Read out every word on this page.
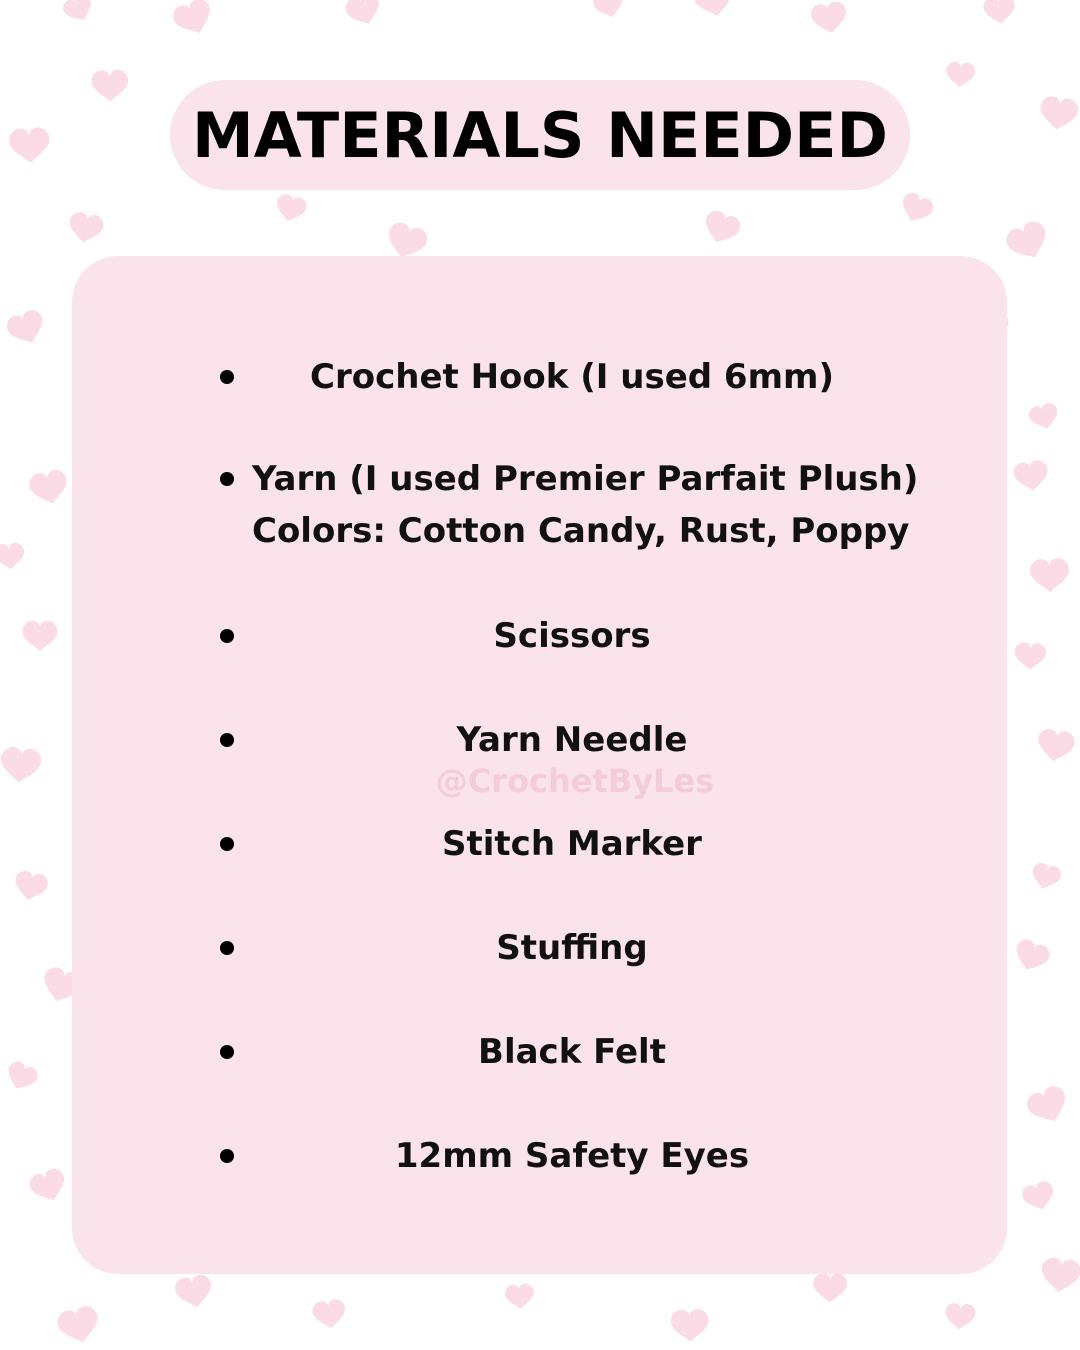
MATERIALS NEEDED
Crochet Hook (I used 6mm)
Yarn (I used Premier Parfait Plush)
Colors: Cotton Candy, Rust, Poppy
Scissors
Yarn Needle
Stitch Marker
Stuffing
Black Felt
12mm Safety Eyes
@CrochetByLes
